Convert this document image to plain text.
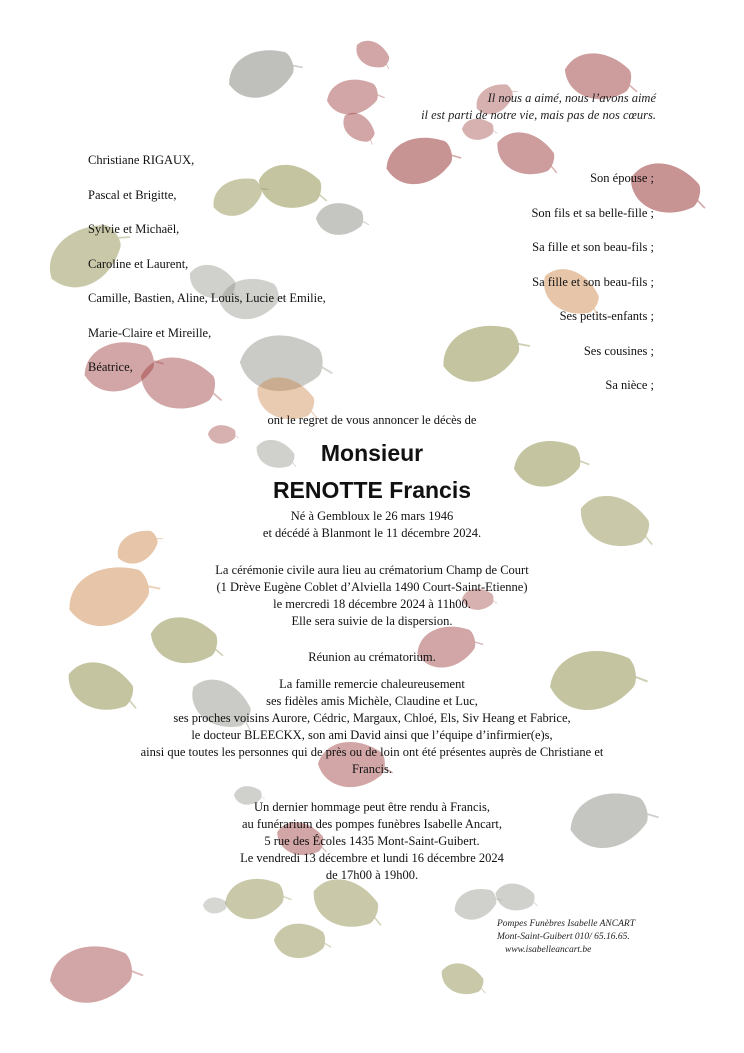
Il nous a aimé, nous l’avons aimé
il est parti de notre vie, mais pas de nos cœurs.
Christiane RIGAUX,
Pascal et Brigitte,
Sylvie et Michaël,
Caroline et Laurent,
Camille, Bastien, Aline, Louis, Lucie et Emilie,
Marie-Claire et Mireille,
Béatrice,
Son épouse ;
Son fils et sa belle-fille ;
Sa fille et son beau-fils ;
Sa fille et son beau-fils ;
Ses petits-enfants ;
Ses cousines ;
Sa nièce ;
ont le regret de vous annoncer le décès de
Monsieur
RENOTTE Francis
Né à Gembloux le 26 mars 1946
et décédé à Blanmont le 11 décembre 2024.
La cérémonie civile aura lieu au crématorium Champ de Court
(1 Drève Eugène Coblet d’Alviella 1490 Court-Saint-Etienne)
le mercredi 18 décembre 2024 à 11h00.
Elle sera suivie de la dispersion.
Réunion au crématorium.
La famille remercie chaleureusement
ses fidèles amis Michèle, Claudine et Luc,
ses proches voisins Aurore, Cédric, Margaux, Chloé, Els, Siv Heang et Fabrice,
le docteur BLEECKX, son ami David ainsi que l’équipe d’infirmier(e)s,
ainsi que toutes les personnes qui de près ou de loin ont été présentes auprès de Christiane et
Francis.
Un dernier hommage peut être rendu à Francis,
au funérarium des pompes funèbres Isabelle Ancart,
5 rue des Écoles 1435 Mont-Saint-Guibert.
Le vendredi 13 décembre et lundi 16 décembre 2024
de 17h00 à 19h00.
Pompes Funèbres Isabelle ANCART
Mont-Saint-Guibert 010/ 65.16.65.
www.isabelleancart.be
